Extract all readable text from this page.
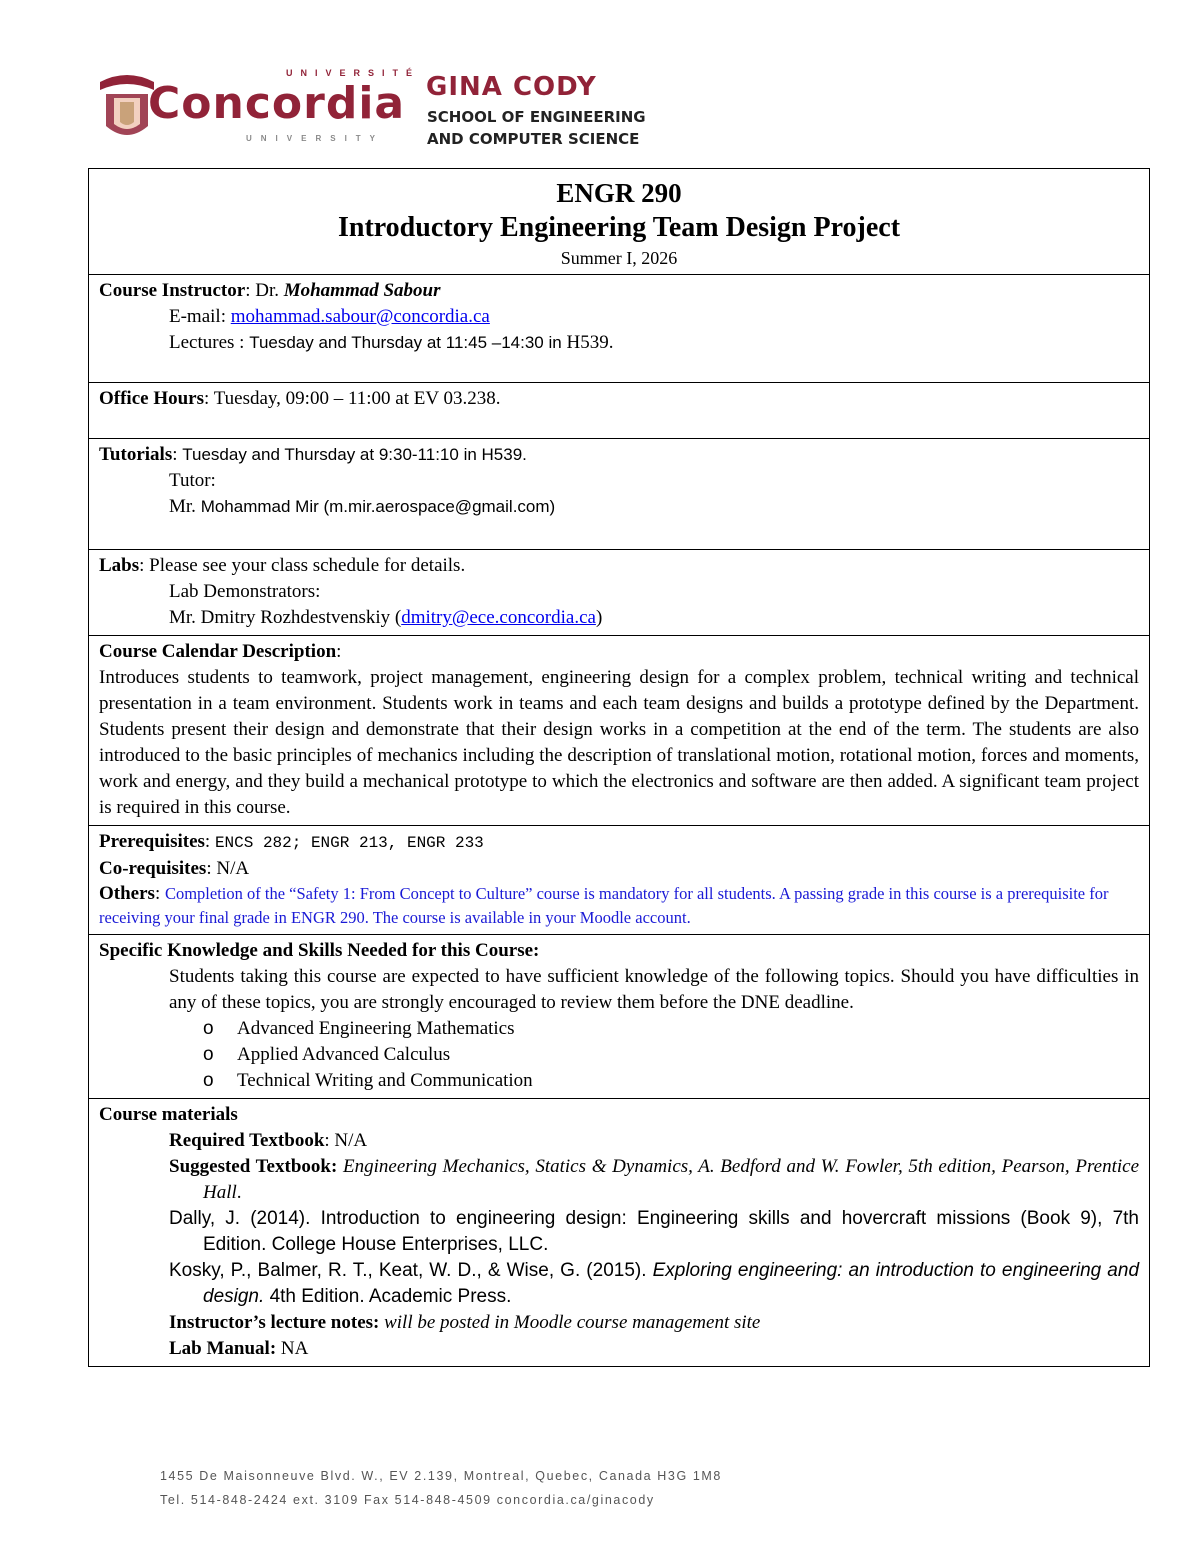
UNIVERSITÉ
Concordia
UNIVERSITY
GINA CODY
SCHOOL OF ENGINEERING
AND COMPUTER SCIENCE
ENGR 290
Introductory Engineering Team Design Project
Summer I, 2026

Course Instructor: Dr. Mohammad Sabour
E-mail: mohammad.sabour@concordia.ca
Lectures : Tuesday and Thursday at 11:45 –14:30 in H539.

Office Hours: Tuesday, 09:00 – 11:00 at EV 03.238.

Tutorials: Tuesday and Thursday at 9:30-11:10 in H539.
Tutor:
Mr. Mohammad Mir (m.mir.aerospace@gmail.com)

Labs: Please see your class schedule for details.
Lab Demonstrators:
Mr. Dmitry Rozhdestvenskiy (dmitry@ece.concordia.ca)

Course Calendar Description:
Introduces students to teamwork, project management, engineering design for a complex problem, technical writing and technical presentation in a team environment. Students work in teams and each team designs and builds a prototype defined by the Department. Students present their design and demonstrate that their design works in a competition at the end of the term. The students are also introduced to the basic principles of mechanics including the description of translational motion, rotational motion, forces and moments, work and energy, and they build a mechanical prototype to which the electronics and software are then added. A significant team project is required in this course.

Prerequisites: ENCS 282; ENGR 213, ENGR 233
Co-requisites: N/A
Others: Completion of the “Safety 1: From Concept to Culture” course is mandatory for all students. A passing grade in this course is a prerequisite for receiving your final grade in ENGR 290. The course is available in your Moodle account.

Specific Knowledge and Skills Needed for this Course:
Students taking this course are expected to have sufficient knowledge of the following topics. Should you have difficulties in any of these topics, you are strongly encouraged to review them before the DNE deadline.
o Advanced Engineering Mathematics
o Applied Advanced Calculus
o Technical Writing and Communication

Course materials
Required Textbook: N/A
Suggested Textbook: Engineering Mechanics, Statics & Dynamics, A. Bedford and W. Fowler, 5th edition, Pearson, Prentice Hall.
Dally, J. (2014). Introduction to engineering design: Engineering skills and hovercraft missions (Book 9), 7th Edition. College House Enterprises, LLC.
Kosky, P., Balmer, R. T., Keat, W. D., & Wise, G. (2015). Exploring engineering: an introduction to engineering and design. 4th Edition. Academic Press.
Instructor’s lecture notes: will be posted in Moodle course management site
Lab Manual: NA
1455 De Maisonneuve Blvd. W., EV 2.139, Montreal, Quebec, Canada H3G 1M8
Tel. 514-848-2424 ext. 3109 Fax 514-848-4509 concordia.ca/ginacody
